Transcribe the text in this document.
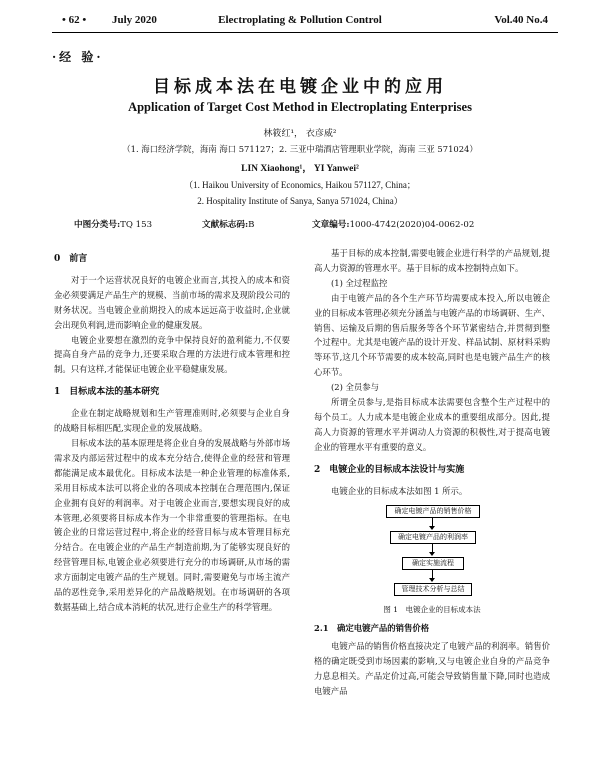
• 62 • July 2020	Electroplating & Pollution Control	Vol.40 No.4
·经 验·
目标成本法在电镀企业中的应用
Application of Target Cost Method in Electroplating Enterprises
林筱红¹， 衣彦威²
（1. 海口经济学院，海南 海口 571127；2. 三亚中瑞酒店管理职业学院，海南 三亚 571024）
LIN Xiaohong¹， YI Yanwei²
（1. Haikou University of Economics, Haikou 571127, China；
2. Hospitality Institute of Sanya, Sanya 571024, China）
中图分类号:TQ 153	文献标志码:B	文章编号:1000-4742(2020)04-0062-02
0　前言

对于一个运营状况良好的电镀企业而言,其投入的成本和资金必须要满足产品生产的规模、当前市场的需求及现阶段公司的财务状况。当电镀企业前期投入的成本远远高于收益时,企业就会出现负利润,进而影响企业的健康发展。

电镀企业要想在激烈的竞争中保持良好的盈利能力,不仅要提高自身产品的竞争力,还要采取合理的方法进行成本管理和控制。只有这样,才能保证电镀企业平稳健康发展。

1　目标成本法的基本研究

企业在制定战略规划和生产管理准则时,必须要与企业自身的战略目标相匹配,实现企业的发展战略。

目标成本法的基本原理是将企业自身的发展战略与外部市场需求及内部运营过程中的成本充分结合,使得企业的经营和管理都能满足成本最优化。目标成本法是一种企业管理的标准体系,采用目标成本法可以将企业的各项成本控制在合理范围内,保证企业拥有良好的利润率。对于电镀企业而言,要想实现良好的成本管理,必须要将目标成本作为一个非常重要的管理指标。在电镀企业的日常运营过程中,将企业的经营目标与成本管理目标充分结合。在电镀企业的产品生产制造前期,为了能够实现良好的经营管理目标,电镀企业必须要进行充分的市场调研,从市场的需求方面制定电镀产品的生产规划。同时,需要避免与市场主流产品的恶性竞争,采用差异化的产品战略规划。在市场调研的各项数据基础上,结合成本消耗的状况,进行企业生产的科学管理。

基于目标的成本控制,需要电镀企业进行科学的产品规划,提高人力资源的管理水平。基于目标的成本控制特点如下。

(1) 全过程监控

由于电镀产品的各个生产环节均需要成本投入,所以电镀企业的目标成本管理必须充分涵盖与电镀产品的市场调研、生产、销售、运输及后期的售后服务等各个环节紧密结合,并贯彻到整个过程中。尤其是电镀产品的设计开发、样品试制、原材料采购等环节,这几个环节需要的成本较高,同时也是电镀产品生产的核心环节。

(2) 全员参与

所谓全员参与,是指目标成本法需要包含整个生产过程中的每个员工。人力成本是电镀企业成本的重要组成部分。因此,提高人力资源的管理水平并调动人力资源的积极性,对于提高电镀企业的管理水平有重要的意义。

2　电镀企业的目标成本法设计与实施

电镀企业的目标成本法如图 1 所示。

确定电镀产品的销售价格
确定电镀产品的利润率
确定实施流程
管理技术分析与总结
图 1　电镀企业的目标成本法
2.1　确定电镀产品的销售价格

电镀产品的销售价格直接决定了电镀产品的利润率。销售价格的确定既受到市场因素的影响,又与电镀企业自身的产品竞争力息息相关。产品定价过高,可能会导致销售量下降,同时也造成电镀产品
